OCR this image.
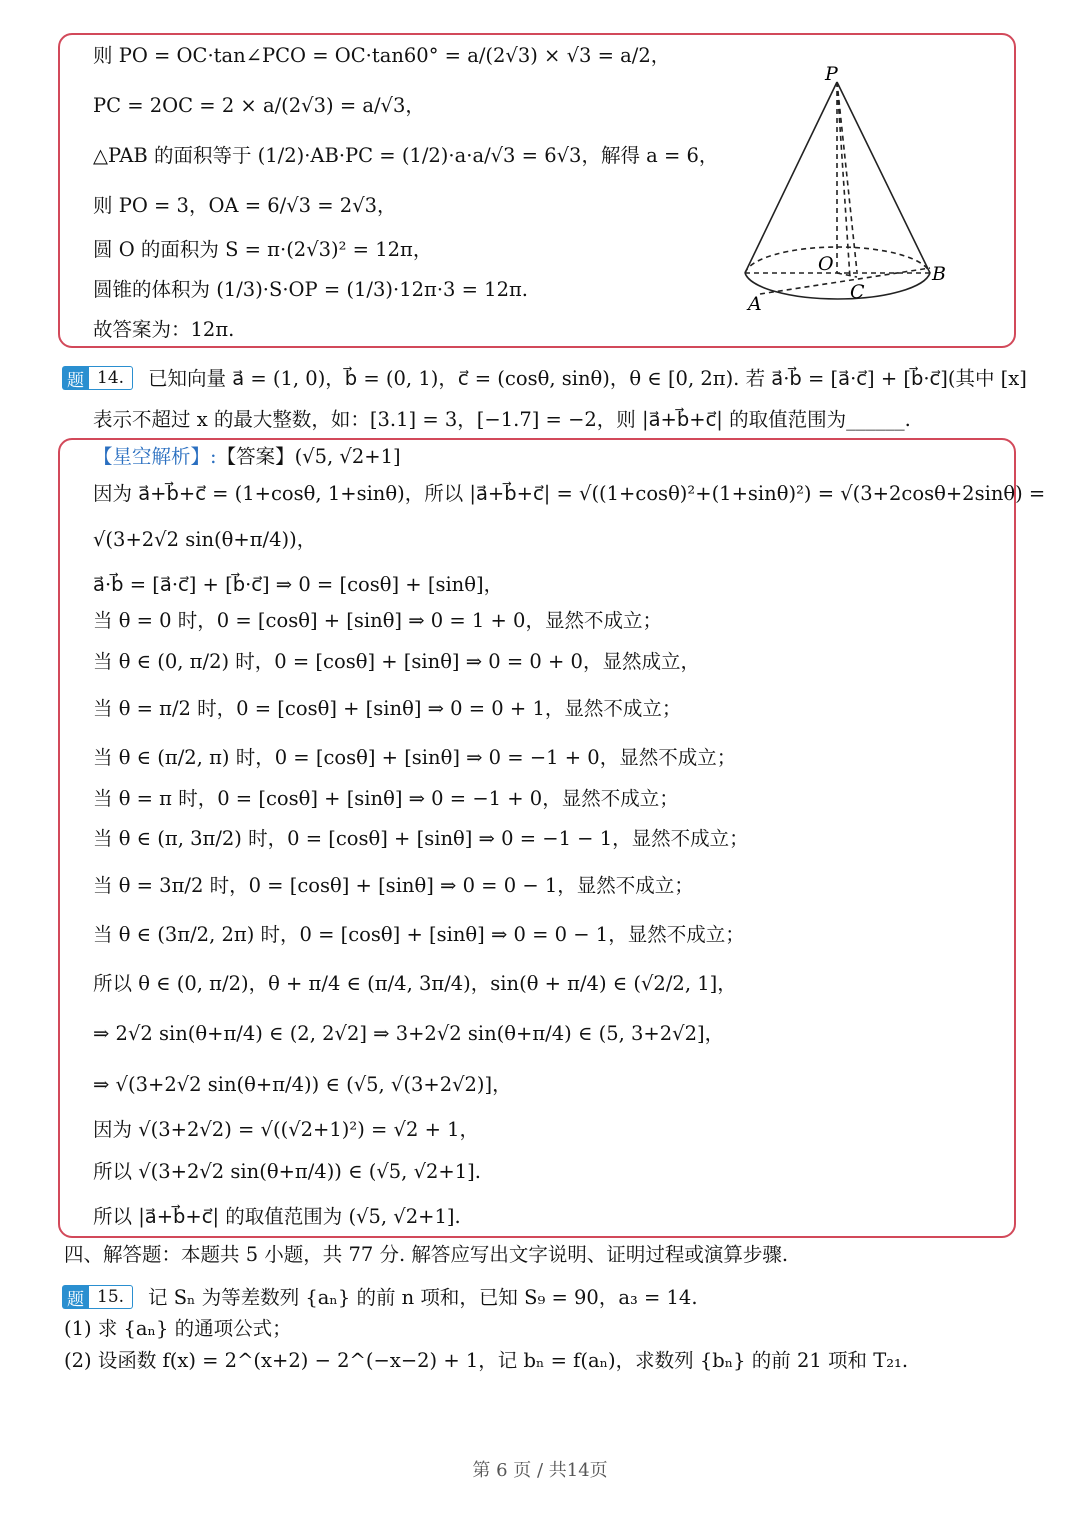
则 PO = OC·tan∠PCO = OC·tan60° = a/(2√3) × √3 = a/2，
PC = 2OC = 2 × a/(2√3) = a/√3，
△PAB 的面积等于 (1/2)·AB·PC = (1/2)·a·a/√3 = 6√3，解得 a = 6，
则 PO = 3，OA = 6/√3 = 2√3，
圆 O 的面积为 S = π·(2√3)² = 12π，
圆锥的体积为 (1/3)·S·OP = (1/3)·12π·3 = 12π.
故答案为：12π.
P
O	B
A
C
题 14.	已知向量 a⃗ = (1, 0)，b⃗ = (0, 1)，c⃗ = (cosθ, sinθ)，θ ∈ [0, 2π). 若 a⃗·b⃗ = [a⃗·c⃗] + [b⃗·c⃗](其中 [x]
表示不超过 x 的最大整数，如：[3.1] = 3，[−1.7] = −2，则 |a⃗+b⃗+c⃗| 的取值范围为______.
【星空解析】:【答案】(√5, √2+1]
因为 a⃗+b⃗+c⃗ = (1+cosθ, 1+sinθ)，所以 |a⃗+b⃗+c⃗| = √((1+cosθ)²+(1+sinθ)²) = √(3+2cosθ+2sinθ) =
√(3+2√2 sin(θ+π/4))，
a⃗·b⃗ = [a⃗·c⃗] + [b⃗·c⃗] ⇒ 0 = [cosθ] + [sinθ]，
当 θ = 0 时，0 = [cosθ] + [sinθ] ⇒ 0 = 1 + 0，显然不成立；
当 θ ∈ (0, π/2) 时，0 = [cosθ] + [sinθ] ⇒ 0 = 0 + 0，显然成立，
当 θ = π/2 时，0 = [cosθ] + [sinθ] ⇒ 0 = 0 + 1，显然不成立；
当 θ ∈ (π/2, π) 时，0 = [cosθ] + [sinθ] ⇒ 0 = −1 + 0，显然不成立；
当 θ = π 时，0 = [cosθ] + [sinθ] ⇒ 0 = −1 + 0，显然不成立；
当 θ ∈ (π, 3π/2) 时，0 = [cosθ] + [sinθ] ⇒ 0 = −1 − 1，显然不成立；
当 θ = 3π/2 时，0 = [cosθ] + [sinθ] ⇒ 0 = 0 − 1，显然不成立；
当 θ ∈ (3π/2, 2π) 时，0 = [cosθ] + [sinθ] ⇒ 0 = 0 − 1，显然不成立；
所以 θ ∈ (0, π/2)，θ + π/4 ∈ (π/4, 3π/4)，sin(θ + π/4) ∈ (√2/2, 1]，
⇒ 2√2 sin(θ+π/4) ∈ (2, 2√2] ⇒ 3+2√2 sin(θ+π/4) ∈ (5, 3+2√2]，
⇒ √(3+2√2 sin(θ+π/4)) ∈ (√5, √(3+2√2)]，
因为 √(3+2√2) = √((√2+1)²) = √2 + 1，
所以 √(3+2√2 sin(θ+π/4)) ∈ (√5, √2+1].
所以 |a⃗+b⃗+c⃗| 的取值范围为 (√5, √2+1].
四、解答题：本题共 5 小题，共 77 分. 解答应写出文字说明、证明过程或演算步骤.
题 15.	记 Sₙ 为等差数列 {aₙ} 的前 n 项和，已知 S₉ = 90，a₃ = 14.
(1) 求 {aₙ} 的通项公式；
(2) 设函数 f(x) = 2^(x+2) − 2^(−x−2) + 1，记 bₙ = f(aₙ)，求数列 {bₙ} 的前 21 项和 T₂₁.
第 6 页 / 共14页
